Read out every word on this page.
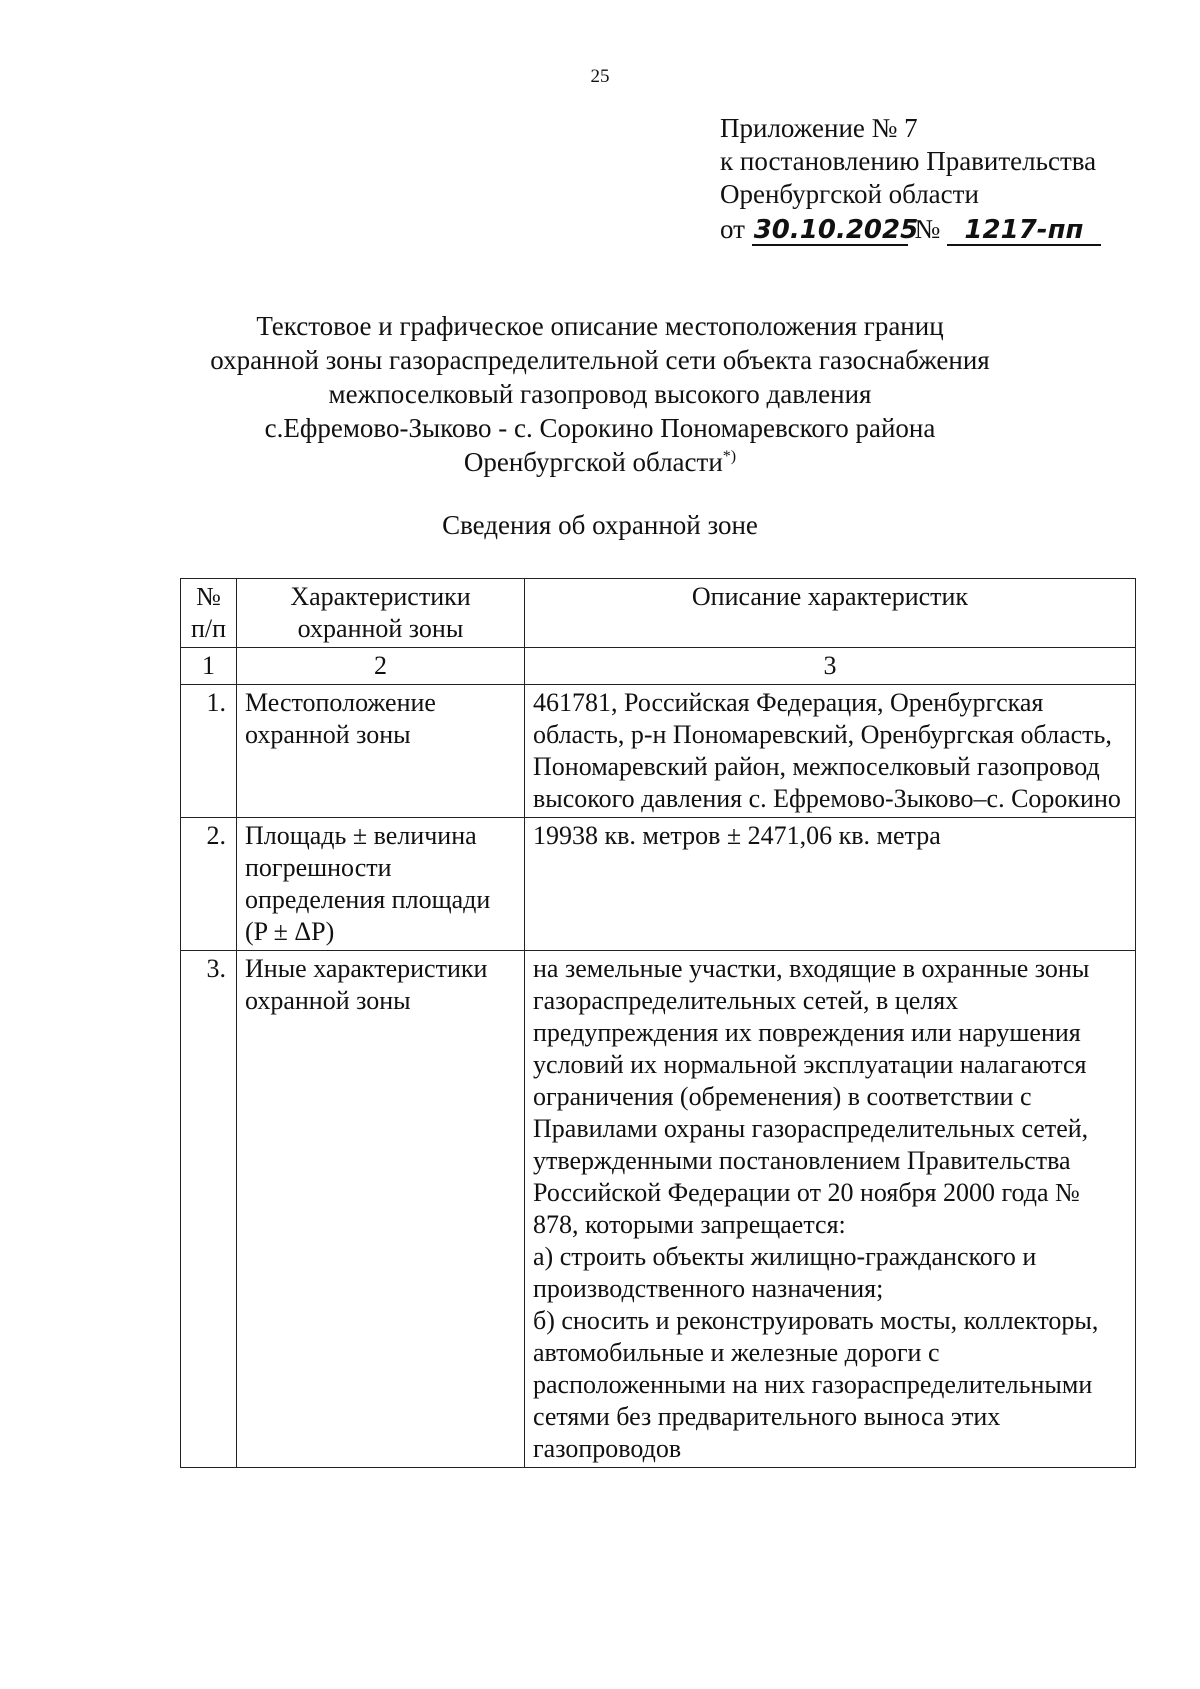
25
Приложение № 7
к постановлению Правительства
Оренбургской области
от 30.10.2025 № 1217-пп
Текстовое и графическое описание местоположения границ
охранной зоны газораспределительной сети объекта газоснабжения
межпоселковый газопровод высокого давления
с.Ефремово-Зыково - с. Сорокино Пономаревского района
Оренбургской области*)
Сведения об охранной зоне
№ п/п	Характеристики охранной зоны	Описание характеристик
1	2	3
1.	Местоположение охранной зоны	461781, Российская Федерация, Оренбургская область, р-н Пономаревский, Оренбургская область, Пономаревский район, межпоселковый газопровод высокого давления с. Ефремово-Зыково–с. Сорокино
2.	Площадь ± величина погрешности определения площади (P ± ΔP)	19938 кв. метров ± 2471,06 кв. метра
3.	Иные характеристики охранной зоны	на земельные участки, входящие в охранные зоны газораспределительных сетей, в целях предупреждения их повреждения или нарушения условий их нормальной эксплуатации налагаются ограничения (обременения) в соответствии с Правилами охраны газораспределительных сетей, утвержденными постановлением Правительства Российской Федерации от 20 ноября 2000 года № 878, которыми запрещается:
а) строить объекты жилищно-гражданского и производственного назначения;
б) сносить и реконструировать мосты, коллекторы, автомобильные и железные дороги с расположенными на них газораспределительными сетями без предварительного выноса этих газопроводов
